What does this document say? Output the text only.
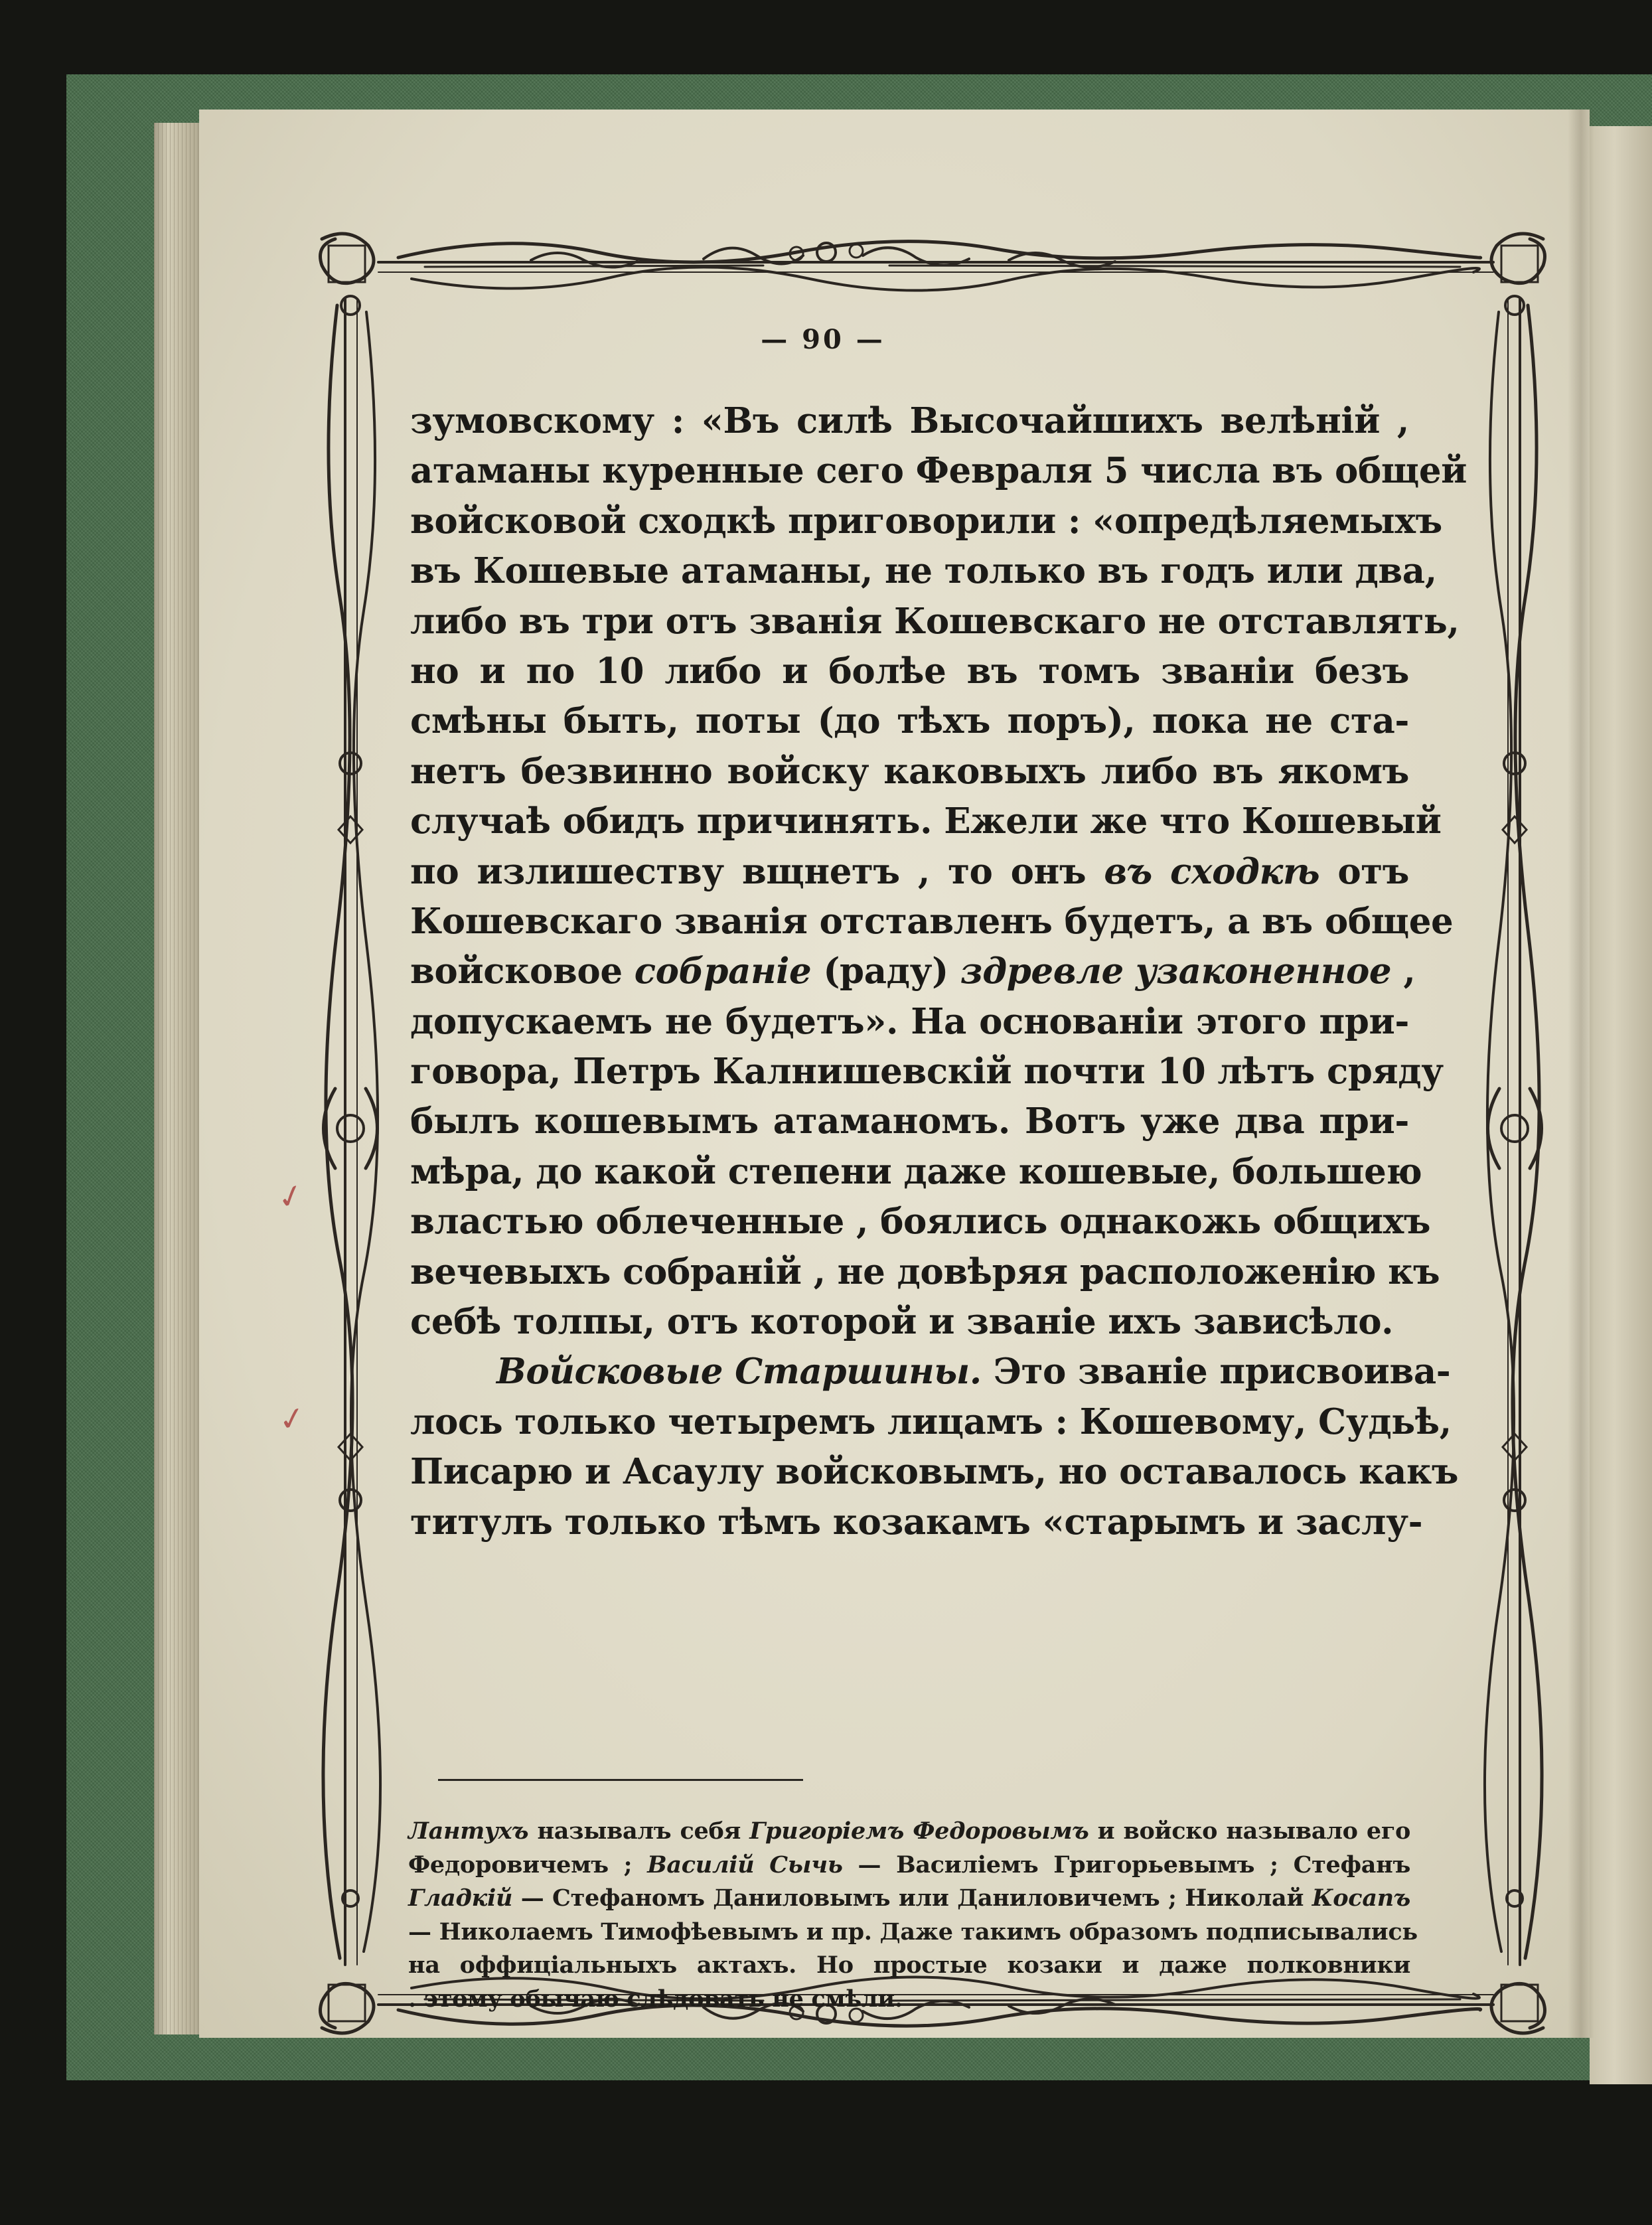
— 90 —
зумовскому : «Въ силѣ Высочайшихъ велѣній ,
атаманы куренные сего Февраля 5 числа въ общей
войсковой сходкѣ приговорили : «опредѣляемыхъ
въ Кошевые атаманы, не только въ годъ или два,
либо въ три отъ званія Кошевскаго не отставлять,
но и по 10 либо и болѣе въ томъ званіи безъ
смѣны быть, поты (до тѣхъ поръ), пока не ста-
нетъ безвинно войску каковыхъ либо въ якомъ
случаѣ обидъ причинять. Ежели же что Кошевый
по излишеству вщнетъ , то онъ въ сходкѣ отъ
Кошевскаго званія отставленъ будетъ, а въ общее
войсковое собраніе (раду) здревле узаконенное ,
допускаемъ не будетъ». На основаніи этого при-
говора, Петръ Калнишевскій почти 10 лѣтъ сряду
былъ кошевымъ атаманомъ. Вотъ уже два при-
мѣра, до какой степени даже кошевые, большею
властью облеченные , боялись однакожь общихъ
вечевыхъ собраній , не довѣряя расположенію къ
себѣ толпы, отъ которой и званіе ихъ зависѣло.
Войсковые Старшины. Это званіе присвоива-
лось только четыремъ лицамъ : Кошевому, Судьѣ,
Писарю и Асаулу войсковымъ, но оставалось какъ
титулъ только тѣмъ козакамъ «старымъ и заслу-
Лантухъ называлъ себя Григоріемъ Федоровымъ и войско называло его
Федоровичемъ ; Василій Сычь — Василіемъ Григорьевымъ ; Стефанъ
Гладкій — Стефаномъ Даниловымъ или Даниловичемъ ; Николай Косапъ
— Николаемъ Тимофѣевымъ и пр. Даже такимъ образомъ подписывались
на оффиціальныхъ актахъ. Но простые козаки и даже полковники
. этому обычаю слѣдовать не смѣли.
✓
✓
